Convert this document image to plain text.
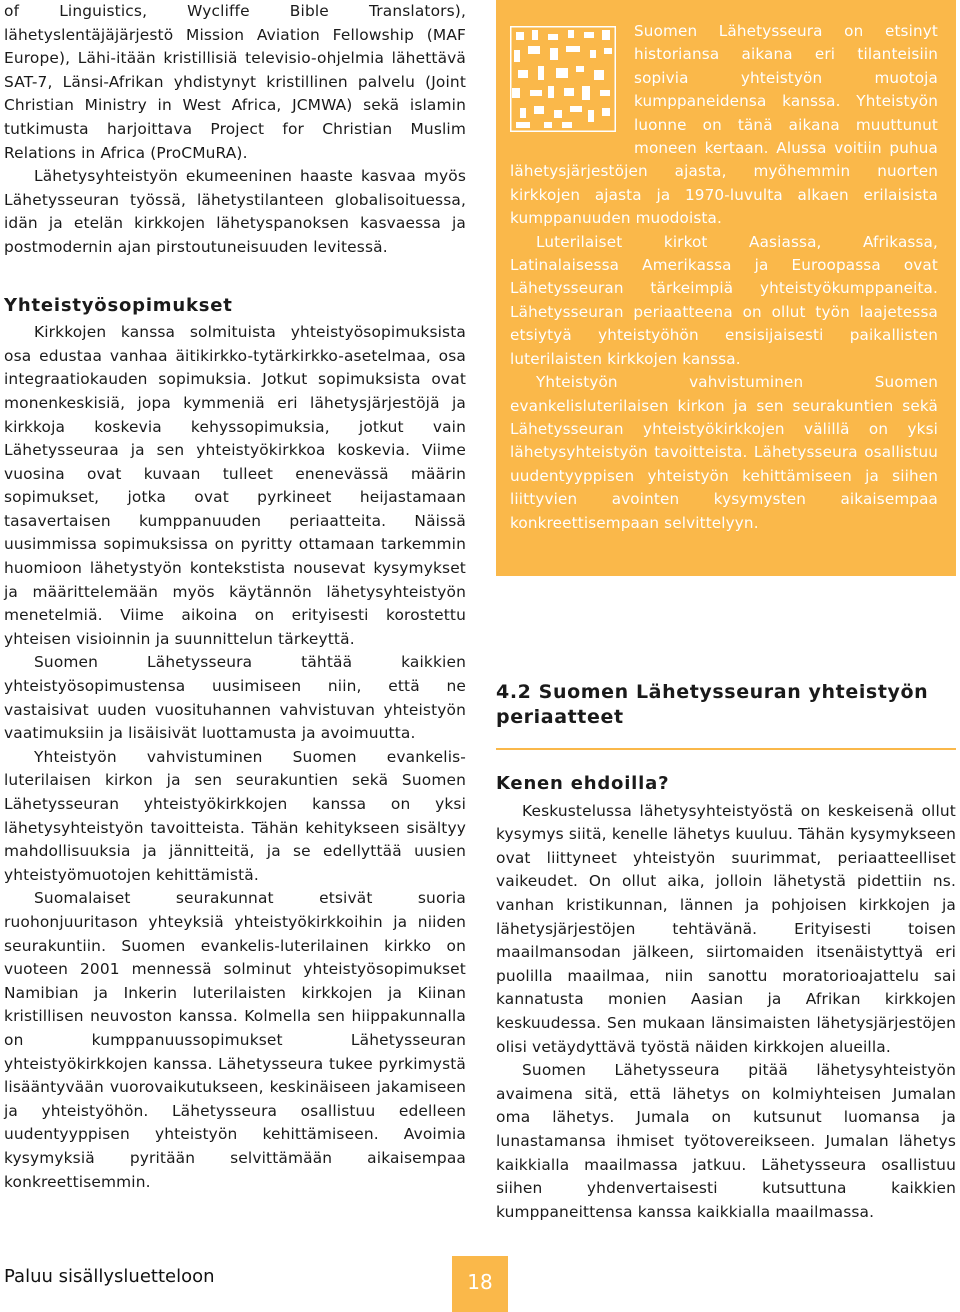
of Linguistics, Wycliffe Bible Translators), lähetyslentäjäjärjestö Mission Aviation Fellowship (MAF Europe), Lähi-itään kristillisiä televisio-ohjelmia lähettävä SAT-7, Länsi-Afrikan yhdistynyt kristillinen palvelu (Joint Christian Ministry in West Africa, JCMWA) sekä islamin tutkimusta harjoittava Project for Christian Muslim Relations in Africa (ProCMuRA).

Lähetysyhteistyön ekumeeninen haaste kasvaa myös Lähetysseuran työssä, lähetystilanteen globalisoituessa, idän ja etelän kirkkojen lähetyspanoksen kasvaessa ja postmodernin ajan pirstoutuneisuuden levitessä.

Yhteistyösopimukset

Kirkkojen kanssa solmituista yhteistyösopimuksista osa edustaa vanhaa äitikirkko-tytärkirkko-asetelmaa, osa integraatiokauden sopimuksia. Jotkut sopimuksista ovat monenkeskisiä, jopa kymmeniä eri lähetysjärjestöjä ja kirkkoja koskevia kehyssopimuksia, jotkut vain Lähetysseuraa ja sen yhteistyökirkkoa koskevia. Viime vuosina ovat kuvaan tulleet enenevässä määrin sopimukset, jotka ovat pyrkineet heijastamaan tasavertaisen kumppanuuden periaatteita. Näissä uusimmissa sopimuksissa on pyritty ottamaan tarkemmin huomioon lähetystyön kontekstista nousevat kysymykset ja määrittelemään myös käytännön lähetysyhteistyön menetelmiä. Viime aikoina on erityisesti korostettu yhteisen visioinnin ja suunnittelun tärkeyttä.

Suomen Lähetysseura tähtää kaikkien yhteistyösopimustensa uusimiseen niin, että ne vastaisivat uuden vuosituhannen vahvistuvan yhteistyön vaatimuksiin ja lisäisivät luottamusta ja avoimuutta.

Yhteistyön vahvistuminen Suomen evankelis-luterilaisen kirkon ja sen seurakuntien sekä Suomen Lähetysseuran yhteistyökirkkojen kanssa on yksi lähetysyhteistyön tavoitteista. Tähän kehitykseen sisältyy mahdollisuuksia ja jännitteitä, ja se edellyttää uusien yhteistyömuotojen kehittämistä.

Suomalaiset seurakunnat etsivät suoria ruohonjuuritason yhteyksiä yhteistyökirkkoihin ja niiden seurakuntiin. Suomen evankelis-luterilainen kirkko on vuoteen 2001 mennessä solminut yhteistyösopimukset Namibian ja Inkerin luterilaisten kirkkojen ja Kiinan kristillisen neuvoston kanssa. Kolmella sen hiippakunnalla on kumppanuussopimukset Lähetysseuran yhteistyökirkkojen kanssa. Lähetysseura tukee pyrkimystä lisääntyvään vuorovaikutukseen, keskinäiseen jakamiseen ja yhteistyöhön. Lähetysseura osallistuu edelleen uudentyyppisen yhteistyön kehittämiseen. Avoimia kysymyksiä pyritään selvittämään aikaisempaa konkreettisemmin.

Suomen Lähetysseura on etsinyt historiansa aikana eri tilanteisiin sopivia yhteistyön muotoja kumppaneidensa kanssa. Yhteistyön luonne on tänä aikana muuttunut moneen kertaan. Alussa voitiin puhua lähetysjärjestöjen ajasta, myöhemmin nuorten kirkkojen ajasta ja 1970-luvulta alkaen erilaisista kumppanuuden muodoista.

Luterilaiset kirkot Aasiassa, Afrikassa, Latinalaisessa Amerikassa ja Euroopassa ovat Lähetysseuran tärkeimpiä yhteistyökumppaneita. Lähetysseuran periaatteena on ollut työn laajetessa etsiytyä yhteistyöhön ensisijaisesti paikallisten luterilaisten kirkkojen kanssa.

Yhteistyön vahvistuminen Suomen evankelisluterilaisen kirkon ja sen seurakuntien sekä Lähetysseuran yhteistyökirkkojen välillä on yksi lähetysyhteistyön tavoitteista. Lähetysseura osallistuu uudentyyppisen yhteistyön kehittämiseen ja siihen liittyvien avointen kysymysten aikaisempaa konkreettisempaan selvittelyyn.

4.2 Suomen Lähetysseuran yhteistyön periaatteet
Kenen ehdoilla?

Keskustelussa lähetysyhteistyöstä on keskeisenä ollut kysymys siitä, kenelle lähetys kuuluu. Tähän kysymykseen ovat liittyneet yhteistyön suurimmat, periaatteelliset vaikeudet. On ollut aika, jolloin lähetystä pidettiin ns. vanhan kristikunnan, lännen ja pohjoisen kirkkojen ja lähetysjärjestöjen tehtävänä. Erityisesti toisen maailmansodan jälkeen, siirtomaiden itsenäistyttyä eri puolilla maailmaa, niin sanottu moratorioajattelu sai kannatusta monien Aasian ja Afrikan kirkkojen keskuudessa. Sen mukaan länsimaisten lähetysjärjestöjen olisi vetäydyttävä työstä näiden kirkkojen alueilla.

Suomen Lähetysseura pitää lähetysyhteistyön avaimena sitä, että lähetys on kolmiyhteisen Jumalan oma lähetys. Jumala on kutsunut luomansa ja lunastamansa ihmiset työtovereikseen. Jumalan lähetys kaikkialla maailmassa jatkuu. Lähetysseura osallistuu siihen yhdenvertaisesti kutsuttuna kaikkien kumppaneittensa kanssa kaikkialla maailmassa.

Paluu sisällysluetteloon	18
